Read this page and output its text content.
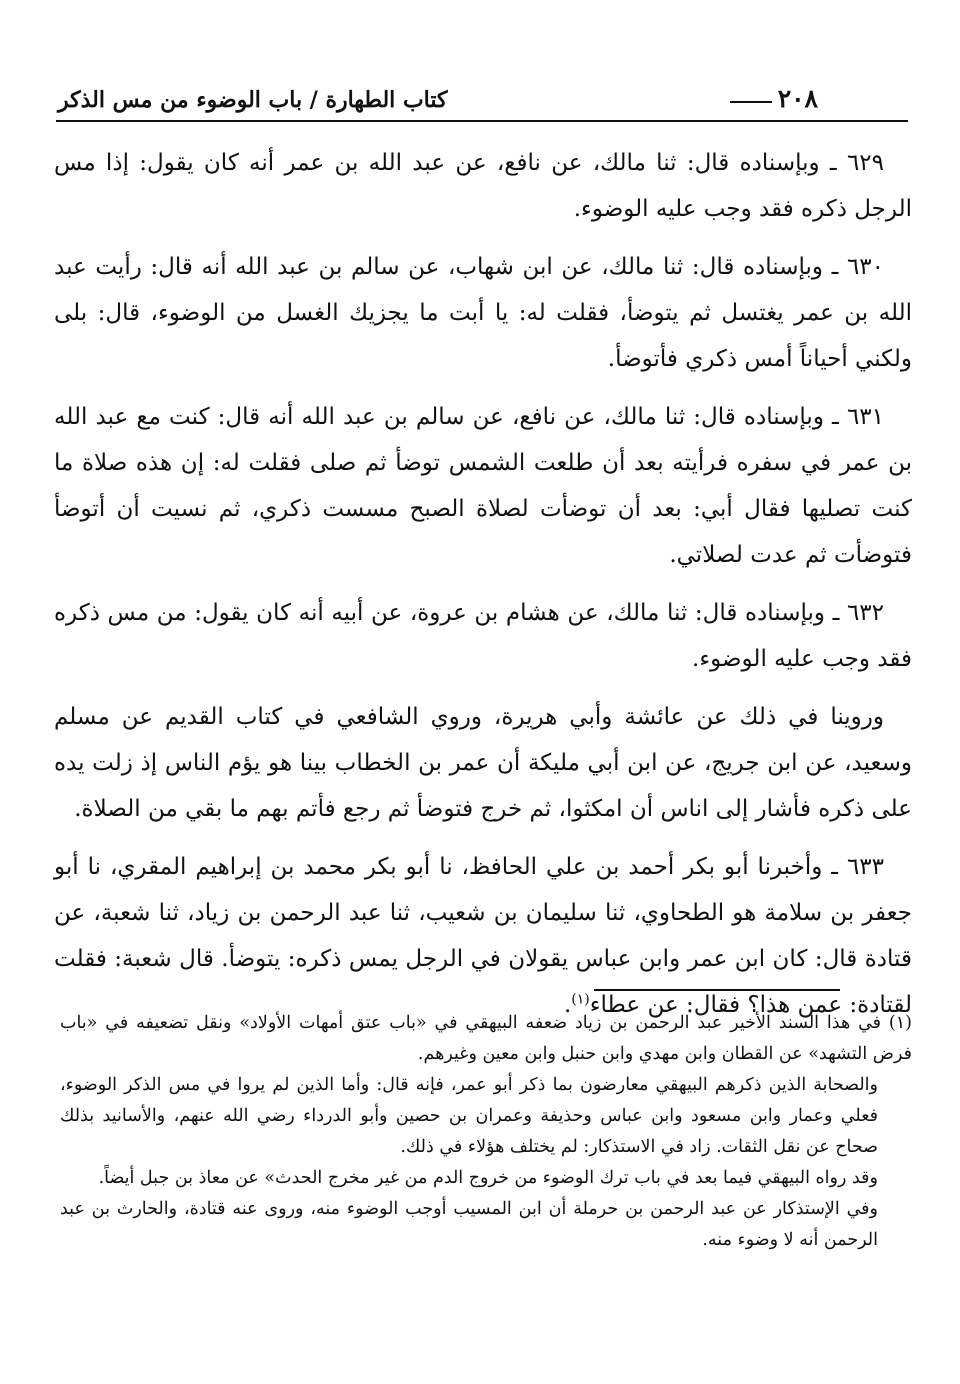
٢٠٨
كتاب الطهارة / باب الوضوء من مس الذكر

٦٢٩ ـ وبإسناده قال: ثنا مالك، عن نافع، عن عبد الله بن عمر أنه كان يقول: إذا مس الرجل ذكره فقد وجب عليه الوضوء.

٦٣٠ ـ وبإسناده قال: ثنا مالك، عن ابن شهاب، عن سالم بن عبد الله أنه قال: رأيت عبد الله بن عمر يغتسل ثم يتوضأ، فقلت له: يا أبت ما يجزيك الغسل من الوضوء، قال: بلى ولكني أحياناً أمس ذكري فأتوضأ.

٦٣١ ـ وبإسناده قال: ثنا مالك، عن نافع، عن سالم بن عبد الله أنه قال: كنت مع عبد الله بن عمر في سفره فرأيته بعد أن طلعت الشمس توضأ ثم صلى فقلت له: إن هذه صلاة ما كنت تصليها فقال أبي: بعد أن توضأت لصلاة الصبح مسست ذكري، ثم نسيت أن أتوضأ فتوضأت ثم عدت لصلاتي.

٦٣٢ ـ وبإسناده قال: ثنا مالك، عن هشام بن عروة، عن أبيه أنه كان يقول: من مس ذكره فقد وجب عليه الوضوء.

وروينا في ذلك عن عائشة وأبي هريرة، وروي الشافعي في كتاب القديم عن مسلم وسعيد، عن ابن جريج، عن ابن أبي مليكة أن عمر بن الخطاب بينا هو يؤم الناس إذ زلت يده على ذكره فأشار إلى اناس أن امكثوا، ثم خرج فتوضأ ثم رجع فأتم بهم ما بقي من الصلاة.

٦٣٣ ـ وأخبرنا أبو بكر أحمد بن علي الحافظ، نا أبو بكر محمد بن إبراهيم المقري، نا أبو جعفر بن سلامة هو الطحاوي، ثنا سليمان بن شعيب، ثنا عبد الرحمن بن زياد، ثنا شعبة، عن قتادة قال: كان ابن عمر وابن عباس يقولان في الرجل يمس ذكره: يتوضأ. قال شعبة: فقلت لقتادة: عمن هذا؟ فقال: عن عطاء$^{(١)}$.

(١) في هذا السند الأخير عبد الرحمن بن زياد ضعفه البيهقي في «باب عتق أمهات الأولاد» ونقل تضعيفه في «باب فرض التشهد» عن القطان وابن مهدي وابن حنبل وابن معين وغيرهم.

والصحابة الذين ذكرهم البيهقي معارضون بما ذكر أبو عمر، فإنه قال: وأما الذين لم يروا في مس الذكر الوضوء، فعلي وعمار وابن مسعود وابن عباس وحذيفة وعمران بن حصين وأبو الدرداء رضي الله عنهم، والأسانيد بذلك صحاح عن نقل الثقات. زاد في الاستذكار: لم يختلف هؤلاء في ذلك.

وقد رواه البيهقي فيما بعد في باب ترك الوضوء من خروج الدم من غير مخرج الحدث» عن معاذ بن جبل أيضاً.

وفي الإستذكار عن عبد الرحمن بن حرملة أن ابن المسيب أوجب الوضوء منه، وروى عنه قتادة، والحارث بن عبد الرحمن أنه لا وضوء منه.
